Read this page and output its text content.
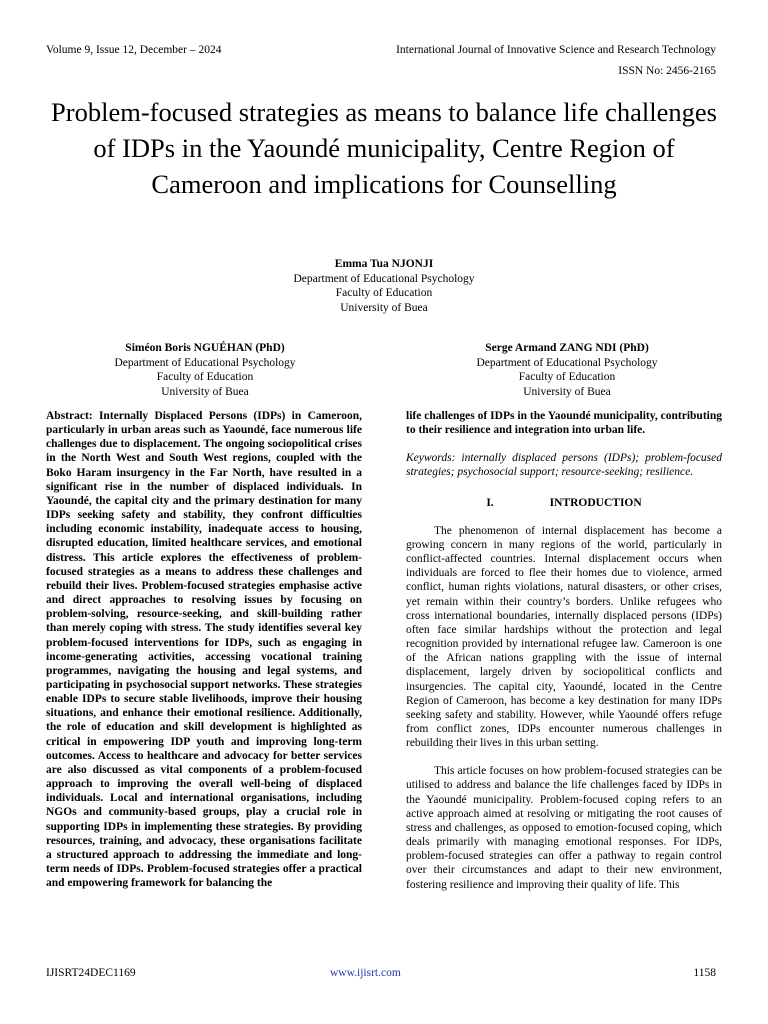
Volume 9, Issue 12, December – 2024	International Journal of Innovative Science and Research Technology
ISSN No: 2456-2165
Problem-focused strategies as means to balance life challenges of IDPs in the Yaoundé municipality, Centre Region of Cameroon and implications for Counselling
Emma Tua NJONJI
Department of Educational Psychology
Faculty of Education
University of Buea
Siméon Boris NGUÉHAN (PhD)
Department of Educational Psychology
Faculty of Education
University of Buea
Serge Armand ZANG NDI (PhD)
Department of Educational Psychology
Faculty of Education
University of Buea

Abstract: Internally Displaced Persons (IDPs) in Cameroon, particularly in urban areas such as Yaoundé, face numerous life challenges due to displacement. The ongoing sociopolitical crises in the North West and South West regions, coupled with the Boko Haram insurgency in the Far North, have resulted in a significant rise in the number of displaced individuals. In Yaoundé, the capital city and the primary destination for many IDPs seeking safety and stability, they confront difficulties including economic instability, inadequate access to housing, disrupted education, limited healthcare services, and emotional distress. This article explores the effectiveness of problem-focused strategies as a means to address these challenges and rebuild their lives. Problem-focused strategies emphasise active and direct approaches to resolving issues by focusing on problem-solving, resource-seeking, and skill-building rather than merely coping with stress. The study identifies several key problem-focused interventions for IDPs, such as engaging in income-generating activities, accessing vocational training programmes, navigating the housing and legal systems, and participating in psychosocial support networks. These strategies enable IDPs to secure stable livelihoods, improve their housing situations, and enhance their emotional resilience. Additionally, the role of education and skill development is highlighted as critical in empowering IDP youth and improving long-term outcomes. Access to healthcare and advocacy for better services are also discussed as vital components of a problem-focused approach to improving the overall well-being of displaced individuals. Local and international organisations, including NGOs and community-based groups, play a crucial role in supporting IDPs in implementing these strategies. By providing resources, training, and advocacy, these organisations facilitate a structured approach to addressing the immediate and long-term needs of IDPs. Problem-focused strategies offer a practical and empowering framework for balancing the

life challenges of IDPs in the Yaoundé municipality, contributing to their resilience and integration into urban life.

Keywords: internally displaced persons (IDPs); problem-focused strategies; psychosocial support; resource-seeking; resilience.

I.	INTRODUCTION

The phenomenon of internal displacement has become a growing concern in many regions of the world, particularly in conflict-affected countries. Internal displacement occurs when individuals are forced to flee their homes due to violence, armed conflict, human rights violations, natural disasters, or other crises, yet remain within their country’s borders. Unlike refugees who cross international boundaries, internally displaced persons (IDPs) often face similar hardships without the protection and legal recognition provided by international refugee law. Cameroon is one of the African nations grappling with the issue of internal displacement, largely driven by sociopolitical conflicts and insurgencies. The capital city, Yaoundé, located in the Centre Region of Cameroon, has become a key destination for many IDPs seeking safety and stability. However, while Yaoundé offers refuge from conflict zones, IDPs encounter numerous challenges in rebuilding their lives in this urban setting.

This article focuses on how problem-focused strategies can be utilised to address and balance the life challenges faced by IDPs in the Yaoundé municipality. Problem-focused coping refers to an active approach aimed at resolving or mitigating the root causes of stress and challenges, as opposed to emotion-focused coping, which deals primarily with managing emotional responses. For IDPs, problem-focused strategies can offer a pathway to regain control over their circumstances and adapt to their new environment, fostering resilience and improving their quality of life. This

IJISRT24DEC1169	www.ijisrt.com	1158
